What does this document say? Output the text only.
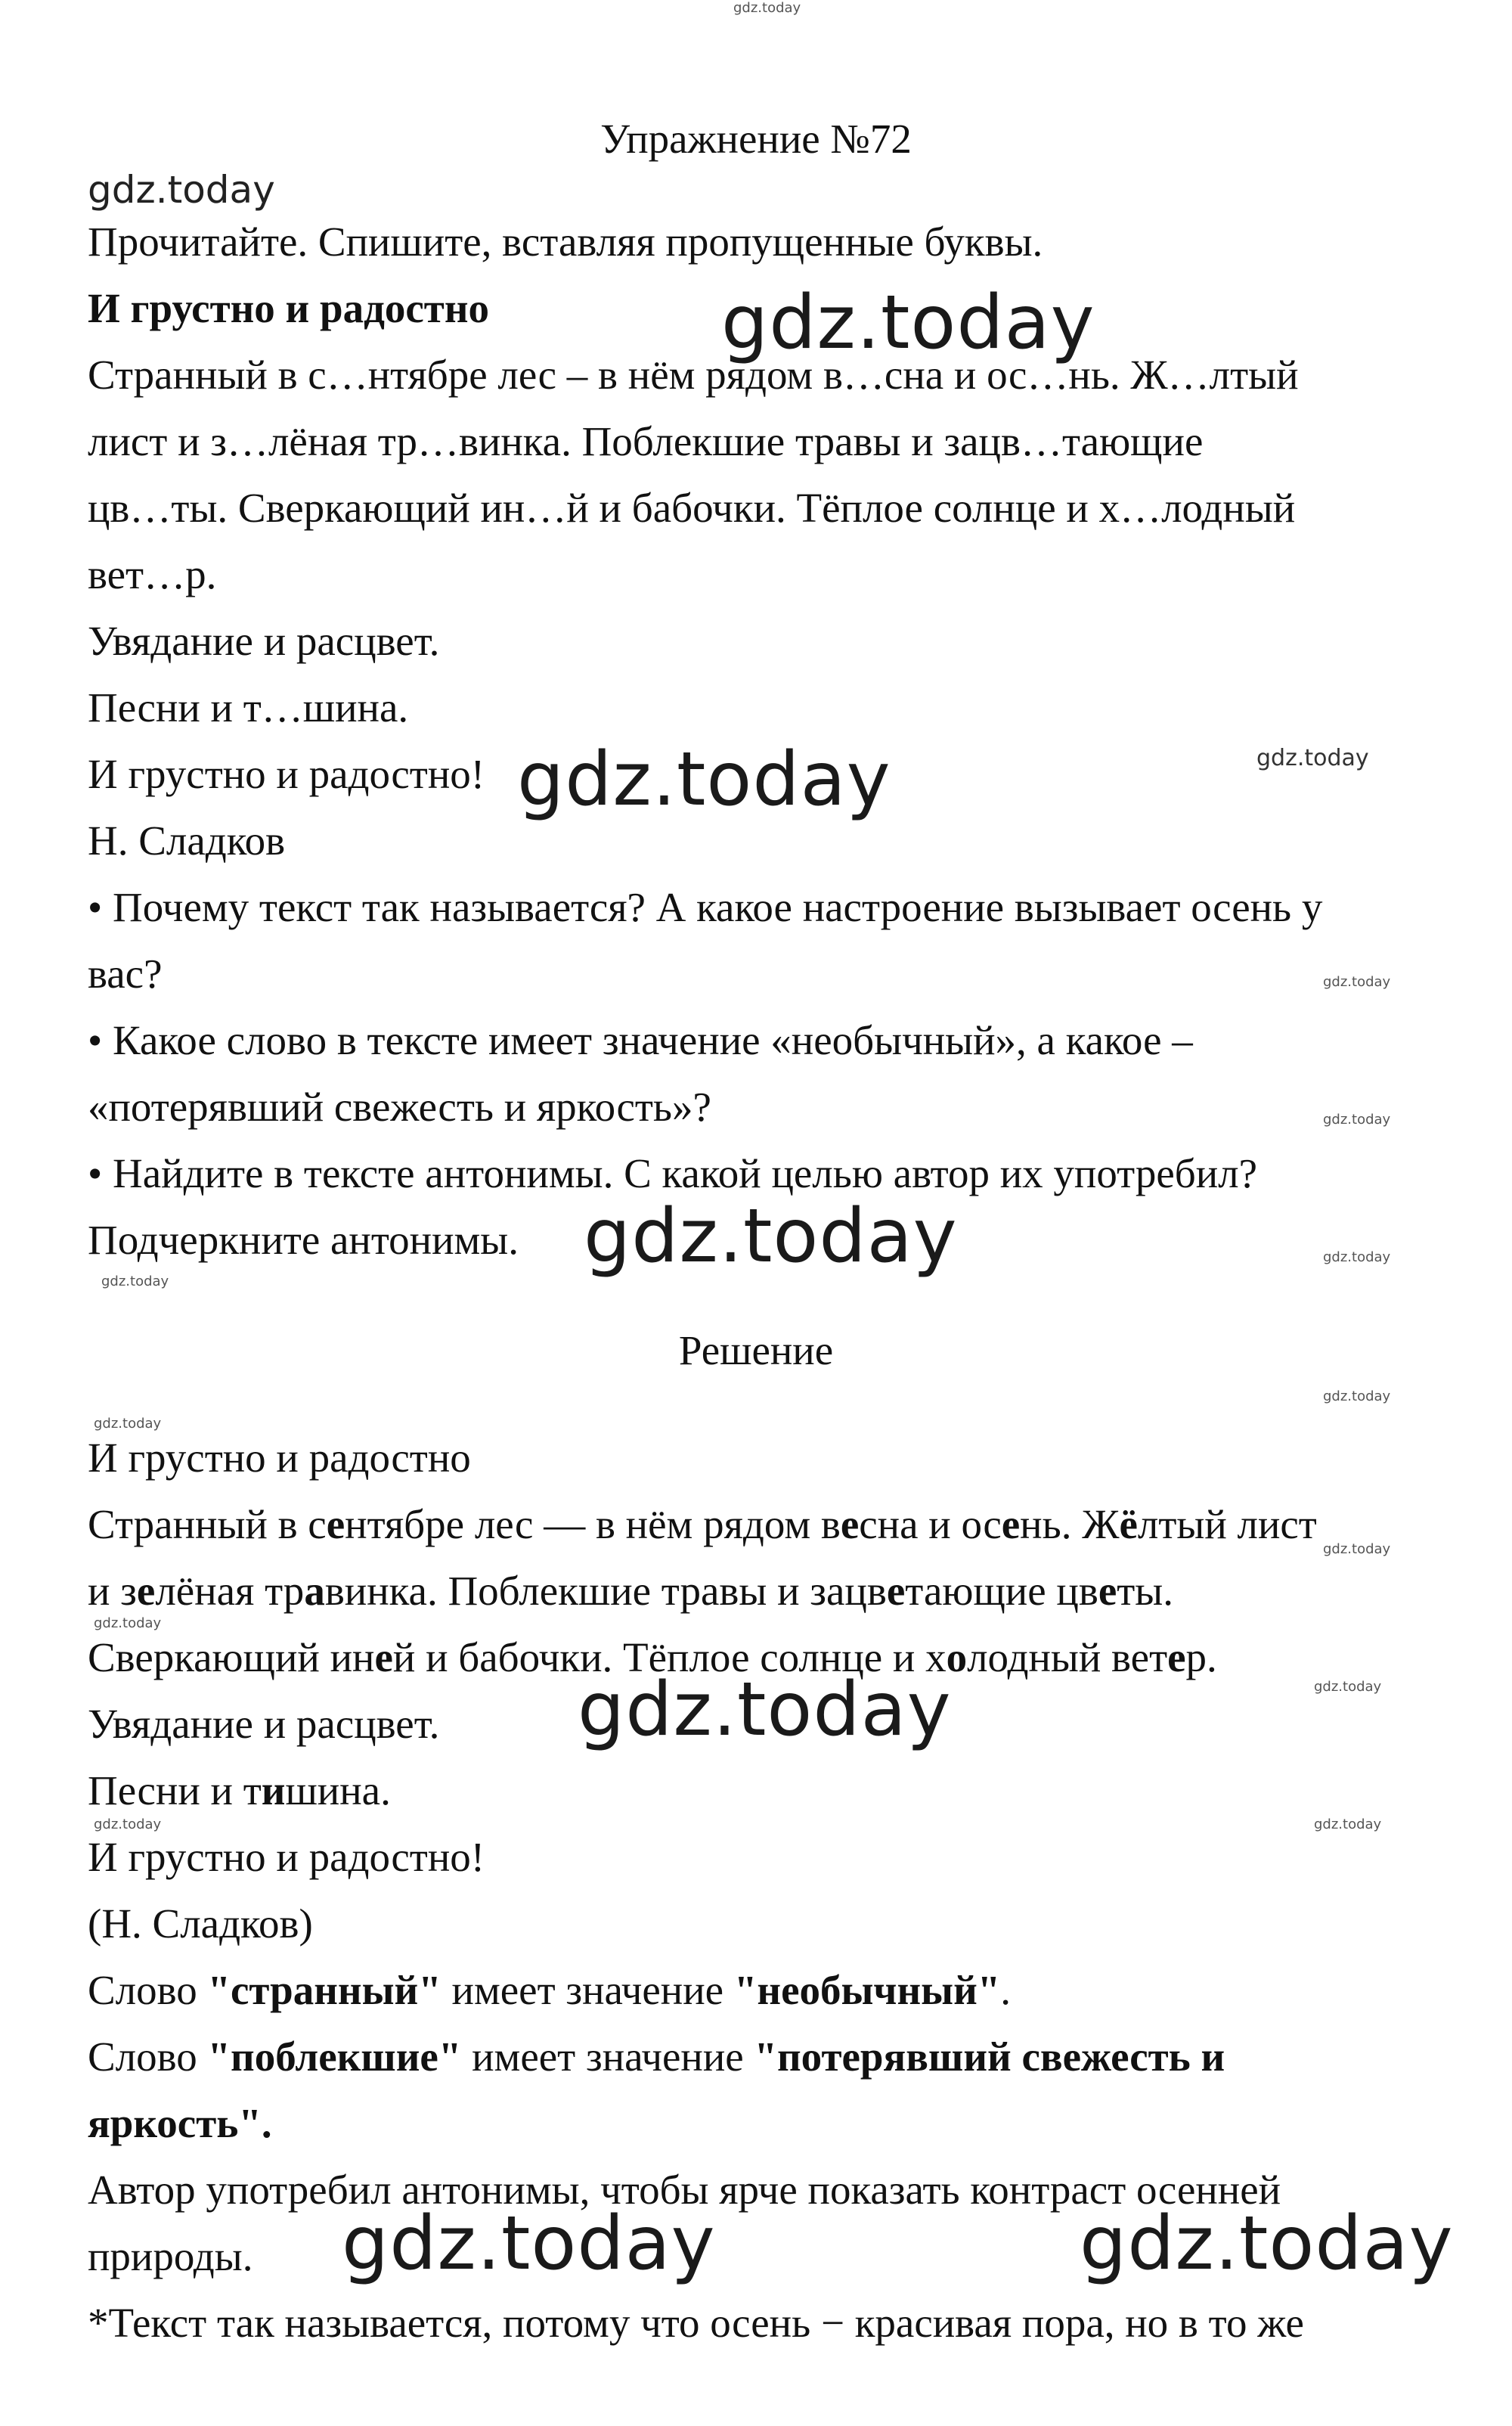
gdz.today
Упражнение №72
gdz.today
Прочитайте. Спишите, вставляя пропущенные буквы.
И грустно и радостно	gdz.today
Странный в с…нтябре лес – в нём рядом в…сна и ос…нь. Ж…лтый
лист и з…лёная тр…винка. Поблекшие травы и зацв…тающие
цв…ты. Сверкающий ин…й и бабочки. Тёплое солнце и х…лодный
вет…р.
Увядание и расцвет.
Песни и т…шина.
И грустно и радостно! gdz.today	gdz.today
Н. Сладков
• Почему текст так называется? А какое настроение вызывает осень у
вас?	gdz.today
• Какое слово в тексте имеет значение «необычный», а какое –
«потерявший свежесть и яркость»?	gdz.today
• Найдите в тексте антонимы. С какой целью автор их употребил?
Подчеркните антонимы. gdz.today	gdz.today
gdz.today
Решение
gdz.today
gdz.today
И грустно и радостно
Странный в сентябре лес — в нём рядом весна и осень. Жёлтый лист
gdz.today
и зелёная травинка. Поблекшие травы и зацветающие цветы.
gdz.today
Сверкающий иней и бабочки. Тёплое солнце и холодный ветер.
gdz.today
Увядание и расцвет.	gdz.today
Песни и тишина.
gdz.today	gdz.today
И грустно и радостно!
(Н. Сладков)
Слово "странный" имеет значение "необычный".
Слово "поблекшие" имеет значение "потерявший свежесть и
яркость".
Автор употребил антонимы, чтобы ярче показать контраст осенней
природы.	gdz.today	gdz.today
*Текст так называется, потому что осень − красивая пора, но в то же
